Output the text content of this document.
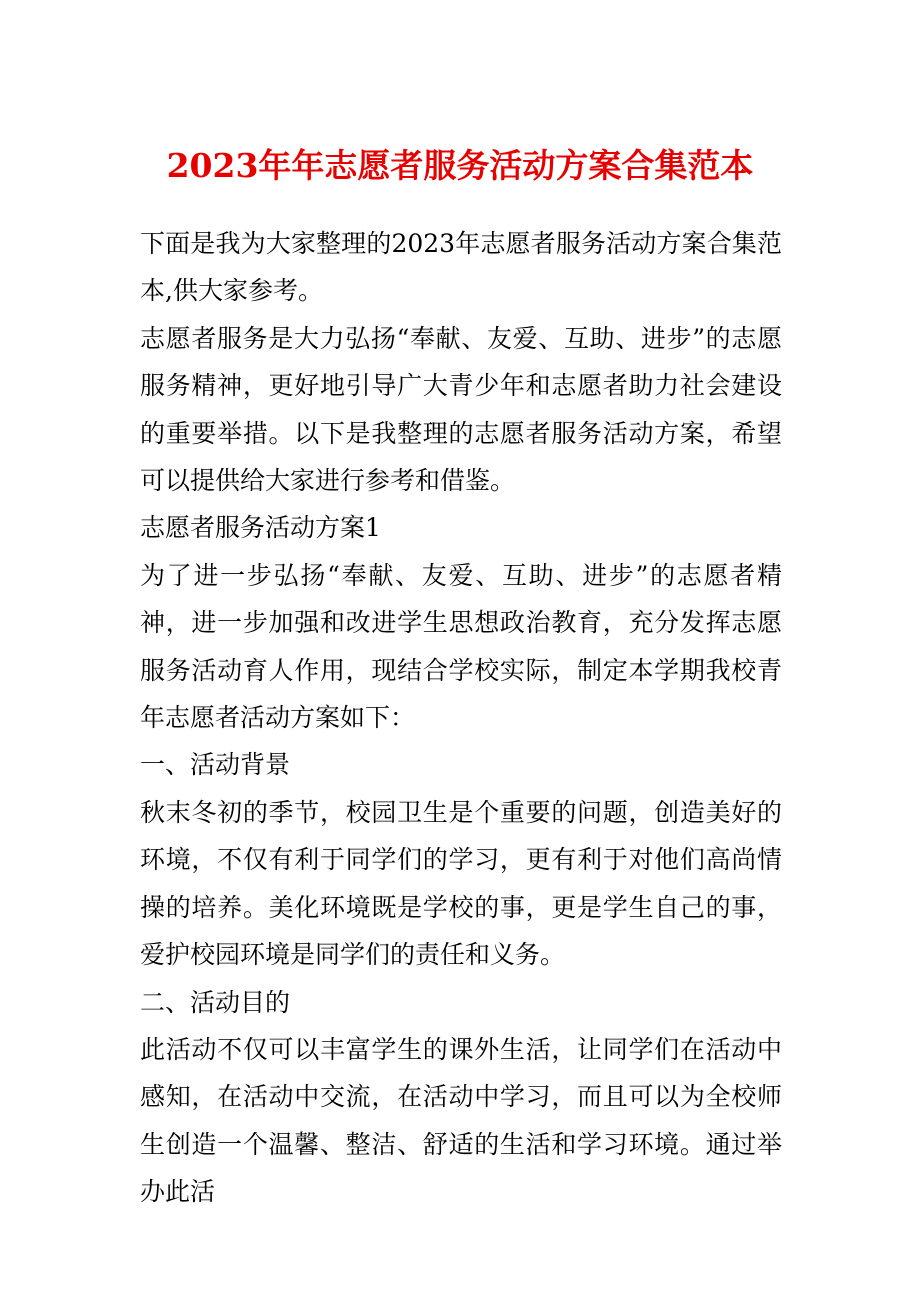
2023年年志愿者服务活动方案合集范本

下面是我为大家整理的2023年志愿者服务活动方案合集范本,供大家参考。

志愿者服务是大力弘扬“奉献、友爱、互助、进步”的志愿服务精神，更好地引导广大青少年和志愿者助力社会建设的重要举措。以下是我整理的志愿者服务活动方案，希望可以提供给大家进行参考和借鉴。

志愿者服务活动方案1

为了进一步弘扬“奉献、友爱、互助、进步”的志愿者精神，进一步加强和改进学生思想政治教育，充分发挥志愿服务活动育人作用，现结合学校实际，制定本学期我校青年志愿者活动方案如下：

一、活动背景

秋末冬初的季节，校园卫生是个重要的问题，创造美好的环境，不仅有利于同学们的学习，更有利于对他们高尚情操的培养。美化环境既是学校的事，更是学生自己的事，爱护校园环境是同学们的责任和义务。

二、活动目的

此活动不仅可以丰富学生的课外生活，让同学们在活动中感知，在活动中交流，在活动中学习，而且可以为全校师生创造一个温馨、整洁、舒适的生活和学习环境。通过举办此活
